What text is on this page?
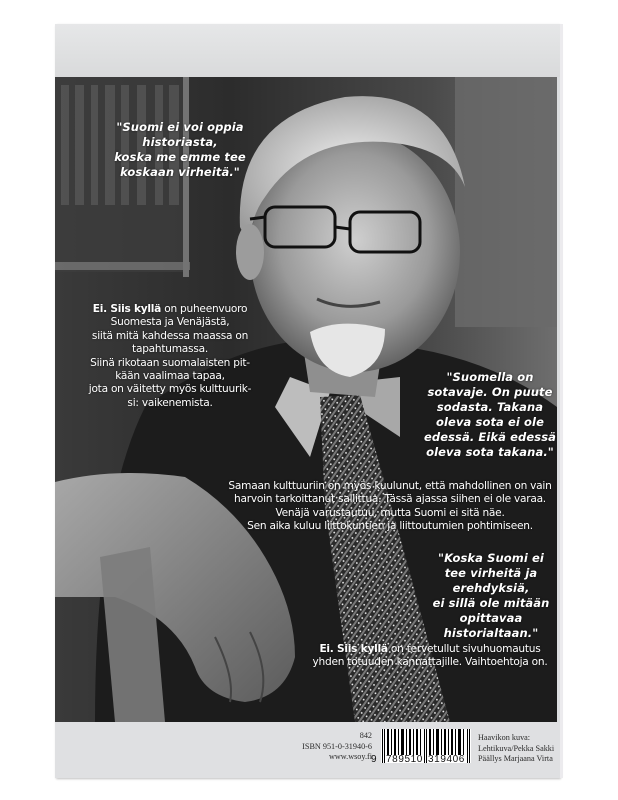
"Suomi ei voi oppia
historiasta,
koska me emme tee
koskaan virheitä."
Ei. Siis kyllä on puheenvuoro
Suomesta ja Venäjästä,
siitä mitä kahdessa maassa on
tapahtumassa.
Siinä rikotaan suomalaisten pit-
kään vaalimaa tapaa,
jota on väitetty myös kulttuurik-
si: vaikenemista.
"Suomella on
sotavaje. On puute
sodasta. Takana
oleva sota ei ole
edessä. Eikä edessä
oleva sota takana."
Samaan kulttuuriin on myös kuulunut, että mahdollinen on vain
harvoin tarkoittanut sallittua. Tässä ajassa siihen ei ole varaa.
Venäjä varustautuu, mutta Suomi ei sitä näe.
Sen aika kuluu liittokuntien ja liittoutumien pohtimiseen.
"Koska Suomi ei
tee virheitä ja
erehdyksiä,
ei sillä ole mitään
opittavaa
historialtaan."
Ei. Siis kyllä on tervetullut sivuhuomautus
yhden totuuden kannattajille. Vaihtoehtoja on.
842
ISBN 951-0-31940-6
www.wsoy.fi 9 789510 319406
Haavikon kuva:
Lehtikuva/Pekka Sakki
Päällys Marjaana Virta
